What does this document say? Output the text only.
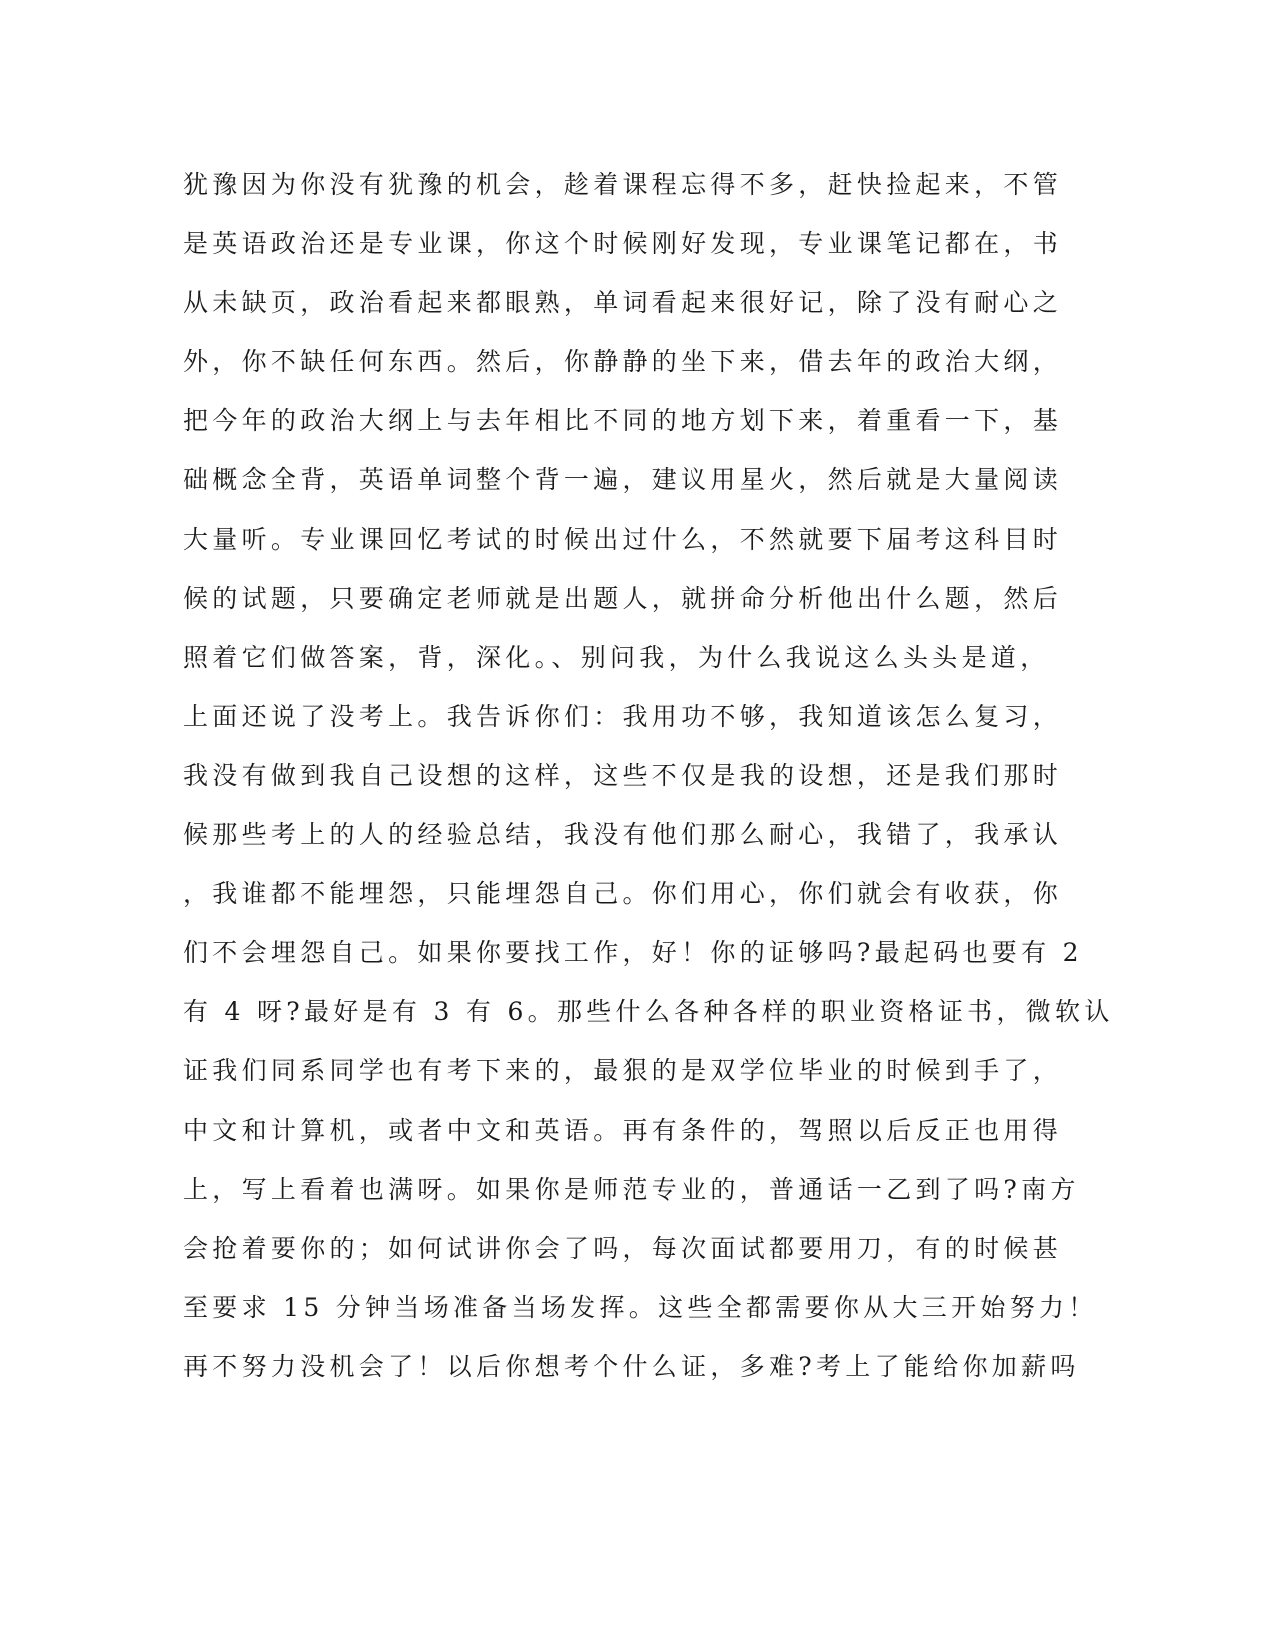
犹豫因为你没有犹豫的机会，趁着课程忘得不多，赶快捡起来，不管
是英语政治还是专业课，你这个时候刚好发现，专业课笔记都在，书
从未缺页，政治看起来都眼熟，单词看起来很好记，除了没有耐心之
外，你不缺任何东西。然后，你静静的坐下来，借去年的政治大纲，
把今年的政治大纲上与去年相比不同的地方划下来，着重看一下，基
础概念全背，英语单词整个背一遍，建议用星火，然后就是大量阅读
大量听。专业课回忆考试的时候出过什么，不然就要下届考这科目时
候的试题，只要确定老师就是出题人，就拼命分析他出什么题，然后
照着它们做答案，背，深化。、别问我，为什么我说这么头头是道，
上面还说了没考上。我告诉你们：我用功不够，我知道该怎么复习，
我没有做到我自己设想的这样，这些不仅是我的设想，还是我们那时
候那些考上的人的经验总结，我没有他们那么耐心，我错了，我承认
，我谁都不能埋怨，只能埋怨自己。你们用心，你们就会有收获，你
们不会埋怨自己。如果你要找工作，好！你的证够吗?最起码也要有 2
有 4 呀?最好是有 3 有 6。那些什么各种各样的职业资格证书，微软认
证我们同系同学也有考下来的，最狠的是双学位毕业的时候到手了，
中文和计算机，或者中文和英语。再有条件的，驾照以后反正也用得
上，写上看着也满呀。如果你是师范专业的，普通话一乙到了吗?南方
会抢着要你的；如何试讲你会了吗，每次面试都要用刀，有的时候甚
至要求 15 分钟当场准备当场发挥。这些全都需要你从大三开始努力！
再不努力没机会了！以后你想考个什么证，多难?考上了能给你加薪吗
